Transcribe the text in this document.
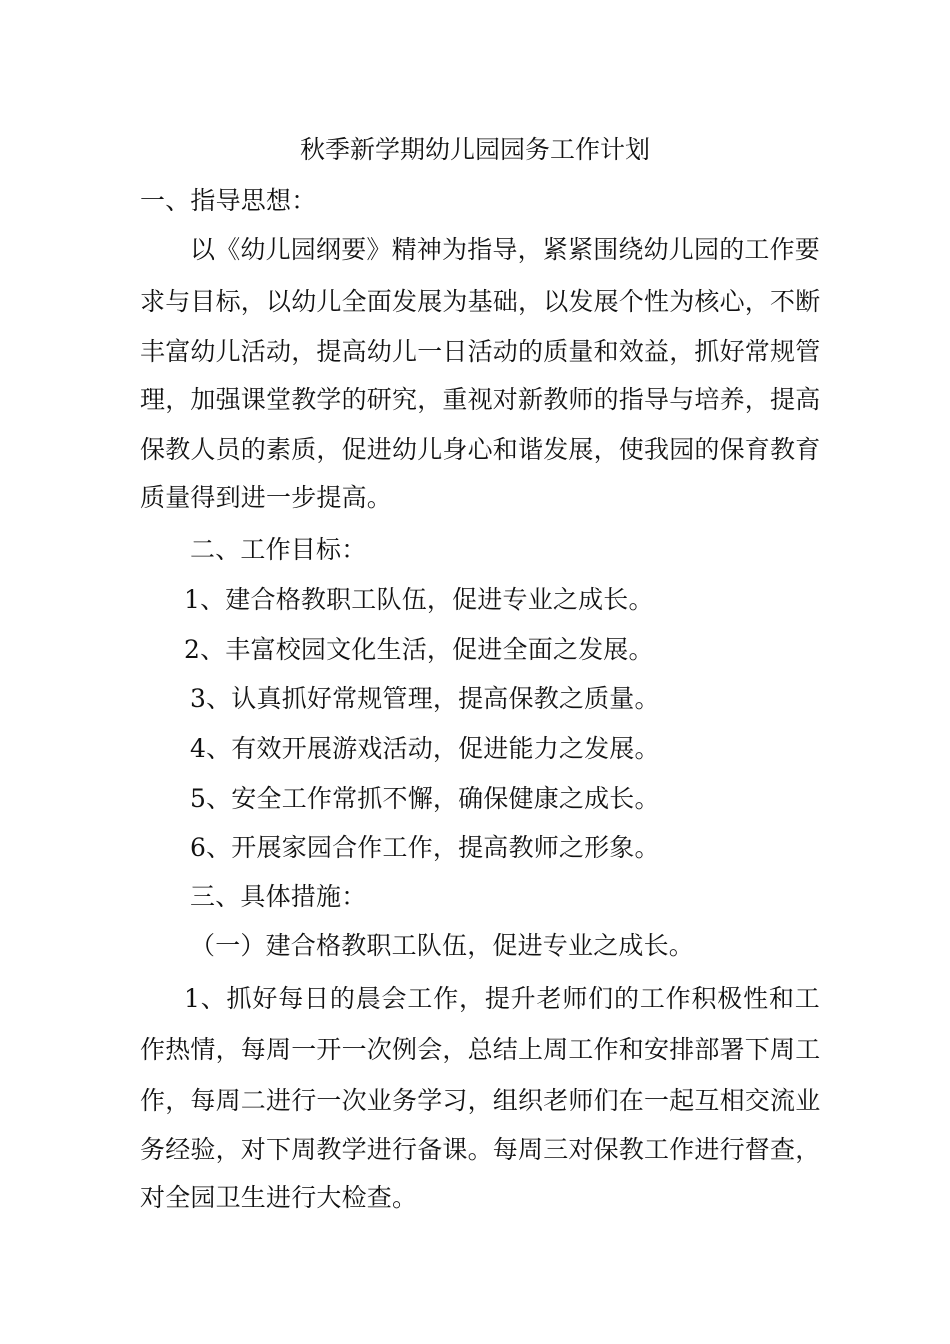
秋季新学期幼儿园园务工作计划
一、指导思想：
以《幼儿园纲要》精神为指导，紧紧围绕幼儿园的工作要
求与目标，以幼儿全面发展为基础，以发展个性为核心，不断
丰富幼儿活动，提高幼儿一日活动的质量和效益，抓好常规管
理，加强课堂教学的研究，重视对新教师的指导与培养，提高
保教人员的素质，促进幼儿身心和谐发展，使我园的保育教育
质量得到进一步提高。
二、工作目标：
1、建合格教职工队伍，促进专业之成长。
2、丰富校园文化生活，促进全面之发展。
3、认真抓好常规管理，提高保教之质量。
4、有效开展游戏活动，促进能力之发展。
5、安全工作常抓不懈，确保健康之成长。
6、开展家园合作工作，提高教师之形象。
三、具体措施：
（一）建合格教职工队伍，促进专业之成长。
1、抓好每日的晨会工作，提升老师们的工作积极性和工
作热情，每周一开一次例会，总结上周工作和安排部署下周工
作，每周二进行一次业务学习，组织老师们在一起互相交流业
务经验，对下周教学进行备课。每周三对保教工作进行督查，
对全园卫生进行大检查。
